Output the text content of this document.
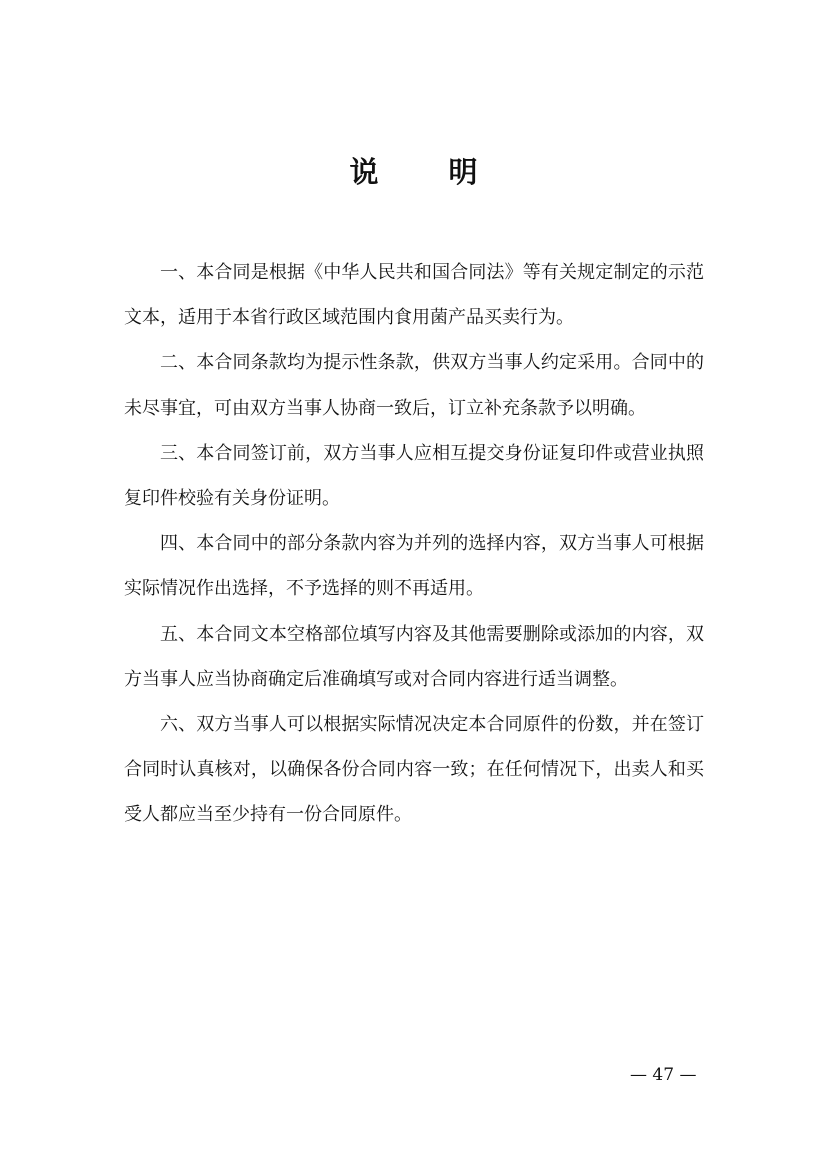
说 明

一、本合同是根据《中华人民共和国合同法》等有关规定制定的示范文本，适用于本省行政区域范围内食用菌产品买卖行为。

二、本合同条款均为提示性条款，供双方当事人约定采用。合同中的未尽事宜，可由双方当事人协商一致后，订立补充条款予以明确。

三、本合同签订前，双方当事人应相互提交身份证复印件或营业执照复印件校验有关身份证明。

四、本合同中的部分条款内容为并列的选择内容，双方当事人可根据实际情况作出选择，不予选择的则不再适用。

五、本合同文本空格部位填写内容及其他需要删除或添加的内容，双方当事人应当协商确定后准确填写或对合同内容进行适当调整。

六、双方当事人可以根据实际情况决定本合同原件的份数，并在签订合同时认真核对，以确保各份合同内容一致；在任何情况下，出卖人和买受人都应当至少持有一份合同原件。

— 47 —
